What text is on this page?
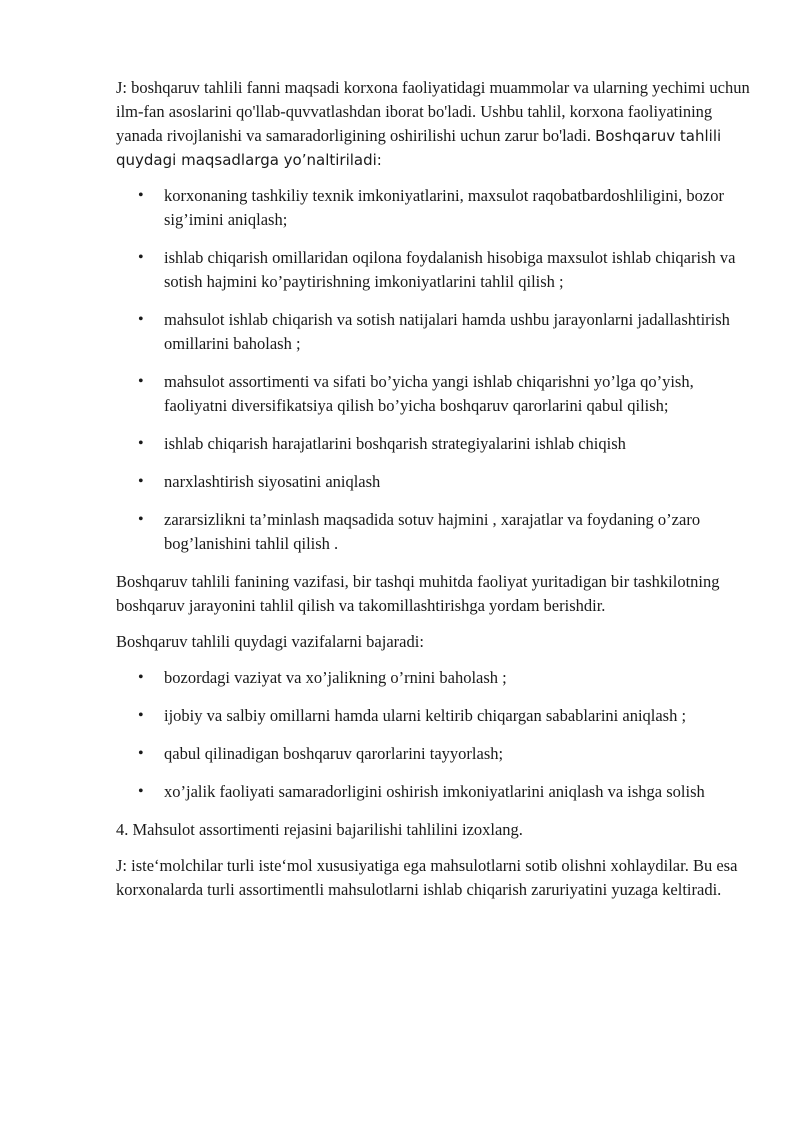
J: boshqaruv tahlili fanni maqsadi korxona faoliyatidagi muammolar va ularning yechimi uchun ilm-fan asoslarini qo'llab-quvvatlashdan iborat bo'ladi. Ushbu tahlil, korxona faoliyatining yanada rivojlanishi va samaradorligining oshirilishi uchun zarur bo'ladi. Boshqaruv tahlili quydagi maqsadlarga yo’naltiriladi:

• korxonaning tashkiliy texnik imkoniyatlarini, maxsulot raqobatbardoshliligini, bozor sig’imini aniqlash;
• ishlab chiqarish omillaridan oqilona foydalanish hisobiga maxsulot ishlab chiqarish va sotish hajmini ko’paytirishning imkoniyatlarini tahlil qilish ;
• mahsulot ishlab chiqarish va sotish natijalari hamda ushbu jarayonlarni jadallashtirish omillarini baholash ;
• mahsulot assortimenti va sifati bo’yicha yangi ishlab chiqarishni yo’lga qo’yish, faoliyatni diversifikatsiya qilish bo’yicha boshqaruv qarorlarini qabul qilish;
• ishlab chiqarish harajatlarini boshqarish strategiyalarini ishlab chiqish
• narxlashtirish siyosatini aniqlash
• zararsizlikni ta’minlash maqsadida sotuv hajmini , xarajatlar va foydaning o’zaro bog’lanishini tahlil qilish .

Boshqaruv tahlili fanining vazifasi, bir tashqi muhitda faoliyat yuritadigan bir tashkilotning boshqaruv jarayonini tahlil qilish va takomillashtirishga yordam berishdir.

Boshqaruv tahlili quydagi vazifalarni bajaradi:

• bozordagi vaziyat va xo’jalikning o’rnini baholash ;
• ijobiy va salbiy omillarni hamda ularni keltirib chiqargan sabablarini aniqlash ;
• qabul qilinadigan boshqaruv qarorlarini tayyorlash;
• xo’jalik faoliyati samaradorligini oshirish imkoniyatlarini aniqlash va ishga solish

4. Mahsulot assortimenti rejasini bajarilishi tahlilini izoxlang.

J: iste‘molchilar turli iste‘mol xususiyatiga ega mahsulotlarni sotib olishni xohlaydilar. Bu esa korxonalarda turli assortimentli mahsulotlarni ishlab chiqarish zaruriyatini yuzaga keltiradi.
